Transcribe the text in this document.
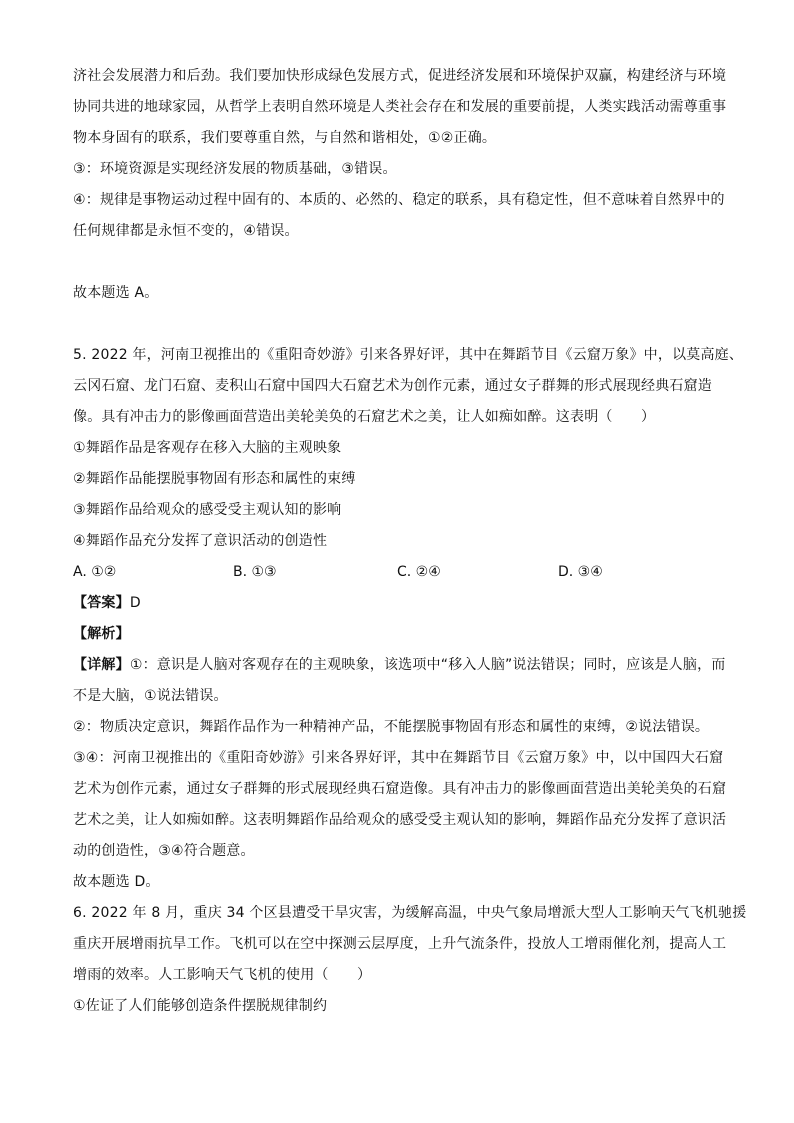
济社会发展潜力和后劲。我们要加快形成绿色发展方式，促进经济发展和环境保护双赢，构建经济与环境
协同共进的地球家园，从哲学上表明自然环境是人类社会存在和发展的重要前提，人类实践活动需尊重事
物本身固有的联系，我们要尊重自然，与自然和谐相处，①②正确。
③：环境资源是实现经济发展的物质基础，③错误。
④：规律是事物运动过程中固有的、本质的、必然的、稳定的联系，具有稳定性，但不意味着自然界中的
任何规律都是永恒不变的，④错误。
故本题选 A。
5. 2022 年，河南卫视推出的《重阳奇妙游》引来各界好评，其中在舞蹈节目《云窟万象》中，以莫高庭、
云冈石窟、龙门石窟、麦积山石窟中国四大石窟艺术为创作元素，通过女子群舞的形式展现经典石窟造
像。具有冲击力的影像画面营造出美轮美奂的石窟艺术之美，让人如痴如醉。这表明（　　）
①舞蹈作品是客观存在移入大脑的主观映象
②舞蹈作品能摆脱事物固有形态和属性的束缚
③舞蹈作品给观众的感受受主观认知的影响
④舞蹈作品充分发挥了意识活动的创造性
A. ①②	B. ①③	C. ②④	D. ③④
【答案】D
【解析】
【详解】①：意识是人脑对客观存在的主观映象，该选项中“移入人脑”说法错误；同时，应该是人脑，而
不是大脑，①说法错误。
②：物质决定意识，舞蹈作品作为一种精神产品，不能摆脱事物固有形态和属性的束缚，②说法错误。
③④：河南卫视推出的《重阳奇妙游》引来各界好评，其中在舞蹈节目《云窟万象》中，以中国四大石窟
艺术为创作元素，通过女子群舞的形式展现经典石窟造像。具有冲击力的影像画面营造出美轮美奂的石窟
艺术之美，让人如痴如醉。这表明舞蹈作品给观众的感受受主观认知的影响，舞蹈作品充分发挥了意识活
动的创造性，③④符合题意。
故本题选 D。
6. 2022 年 8 月，重庆 34 个区县遭受干旱灾害，为缓解高温，中央气象局增派大型人工影响天气飞机驰援
重庆开展增雨抗旱工作。飞机可以在空中探测云层厚度，上升气流条件，投放人工增雨催化剂，提高人工
增雨的效率。人工影响天气飞机的使用（　　）
①佐证了人们能够创造条件摆脱规律制约
